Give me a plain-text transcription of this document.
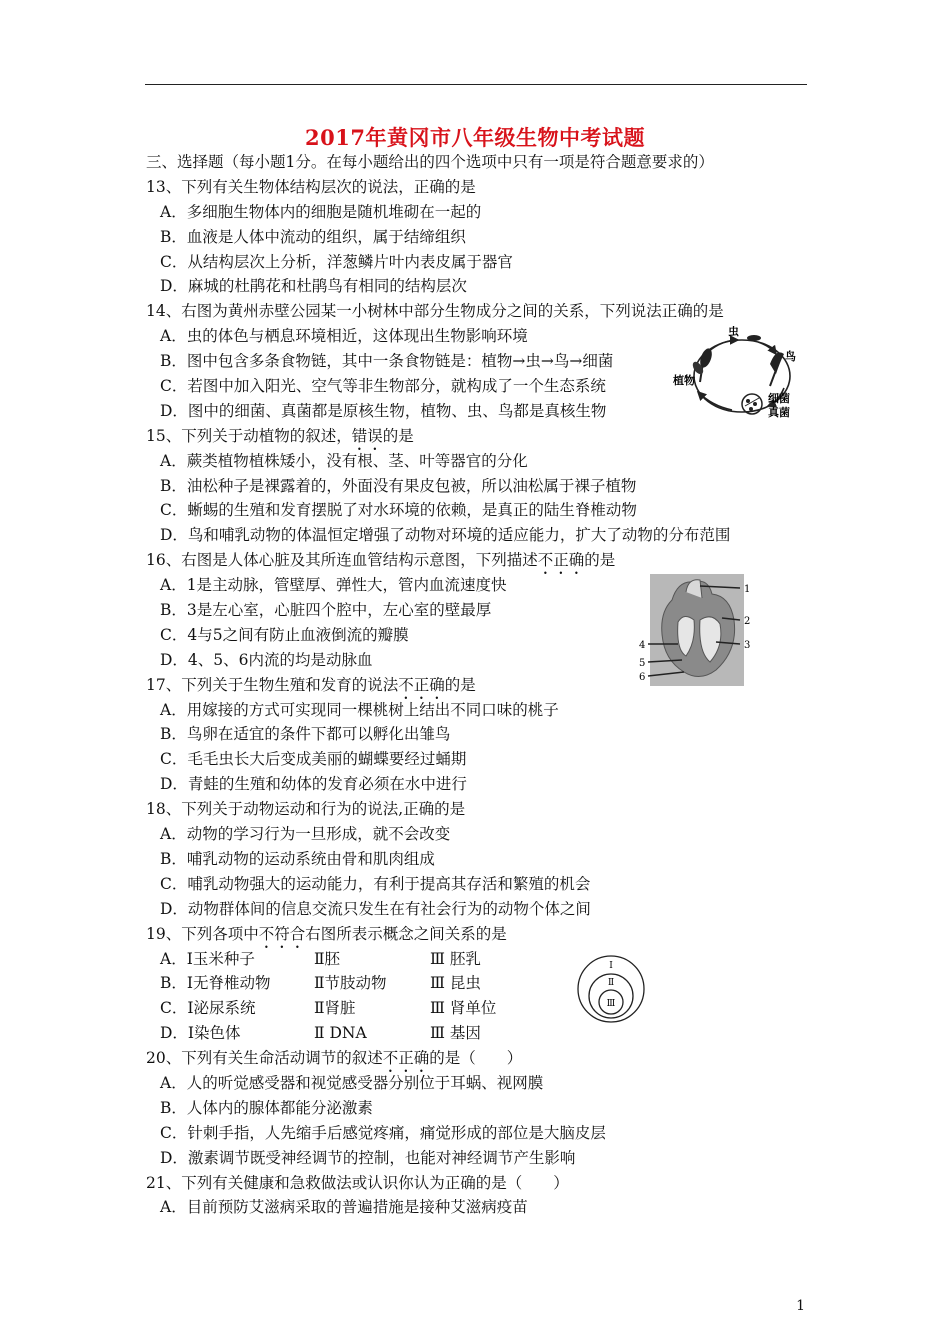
2017年黄冈市八年级生物中考试题
三、选择题（每小题1分。在每小题给出的四个选项中只有一项是符合题意要求的）
13、下列有关生物体结构层次的说法，正确的是
A．多细胞生物体内的细胞是随机堆砌在一起的
B．血液是人体中流动的组织，属于结缔组织
C．从结构层次上分析，洋葱鳞片叶内表皮属于器官
D．麻城的杜鹃花和杜鹃鸟有相同的结构层次
14、右图为黄州赤壁公园某一小树林中部分生物成分之间的关系，下列说法正确的是
A．虫的体色与栖息环境相近，这体现出生物影响环境
B．图中包含多条食物链，其中一条食物链是：植物→虫→鸟→细菌
C．若图中加入阳光、空气等非生物部分，就构成了一个生态系统
D．图中的细菌、真菌都是原核生物，植物、虫、鸟都是真核生物
15、下列关于动植物的叙述，错误的是
A．蕨类植物植株矮小，没有根、茎、叶等器官的分化
B．油松种子是裸露着的，外面没有果皮包被，所以油松属于裸子植物
C．蜥蜴的生殖和发育摆脱了对水环境的依赖，是真正的陆生脊椎动物
D．鸟和哺乳动物的体温恒定增强了动物对环境的适应能力，扩大了动物的分布范围
16、右图是人体心脏及其所连血管结构示意图，下列描述不正确的是
A．1是主动脉，管壁厚、弹性大，管内血流速度快
B．3是左心室，心脏四个腔中，左心室的壁最厚
C．4与5之间有防止血液倒流的瓣膜
D．4、5、6内流的均是动脉血
17、下列关于生物生殖和发育的说法不正确的是
A．用嫁接的方式可实现同一棵桃树上结出不同口味的桃子
B．鸟卵在适宜的条件下都可以孵化出雏鸟
C．毛毛虫长大后变成美丽的蝴蝶要经过蛹期
D．青蛙的生殖和幼体的发育必须在水中进行
18、下列关于动物运动和行为的说法,正确的是
A．动物的学习行为一旦形成，就不会改变
B．哺乳动物的运动系统由骨和肌肉组成
C．哺乳动物强大的运动能力，有利于提高其存活和繁殖的机会
D．动物群体间的信息交流只发生在有社会行为的动物个体之间
19、下列各项中不符合右图所表示概念之间关系的是
A．Ⅰ玉米种子	Ⅱ胚	Ⅲ 胚乳
B．Ⅰ无脊椎动物	Ⅱ节肢动物	Ⅲ 昆虫
C．Ⅰ泌尿系统	Ⅱ肾脏	Ⅲ 肾单位
D．Ⅰ染色体	Ⅱ DNA	Ⅲ 基因
20、下列有关生命活动调节的叙述不正确的是（　　）
A．人的听觉感受器和视觉感受器分别位于耳蜗、视网膜
B．人体内的腺体都能分泌激素
C．针刺手指，人先缩手后感觉疼痛，痛觉形成的部位是大脑皮层
D．激素调节既受神经调节的控制，也能对神经调节产生影响
21、下列有关健康和急救做法或认识你认为正确的是（　　）
A．目前预防艾滋病采取的普遍措施是接种艾滋病疫苗
虫
鸟
植物
细菌
真菌
1
2
3
4
5
6
Ⅰ
Ⅱ
Ⅲ
1
